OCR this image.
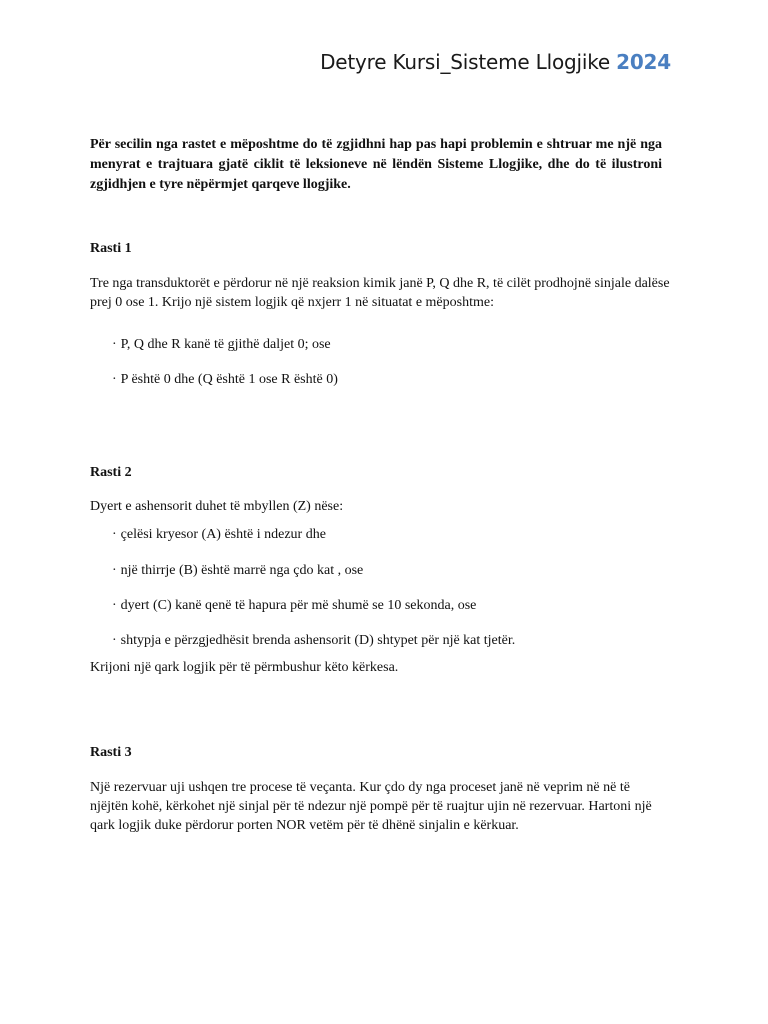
Detyre Kursi_Sisteme Llogjike 2024
Për secilin nga rastet e mëposhtme do të zgjidhni hap pas hapi problemin e shtruar me një nga menyrat e trajtuara gjatë ciklit të leksioneve në lëndën Sisteme Llogjike, dhe do të ilustroni zgjidhjen e tyre nëpërmjet qarqeve llogjike.
Rasti 1
Tre nga transduktorët e përdorur në një reaksion kimik janë P, Q dhe R, të cilët prodhojnë sinjale dalëse prej 0 ose 1. Krijo një sistem logjik që nxjerr 1 në situatat e mëposhtme:
· P, Q dhe R kanë të gjithë daljet 0; ose
· P është 0 dhe (Q është 1 ose R është 0)
Rasti 2
Dyert e ashensorit duhet të mbyllen (Z) nëse:
· çelësi kryesor (A) është i ndezur dhe
· një thirrje (B) është marrë nga çdo kat , ose
· dyert (C) kanë qenë të hapura për më shumë se 10 sekonda, ose
· shtypja e përzgjedhësit brenda ashensorit (D) shtypet për një kat tjetër.
Krijoni një qark logjik për të përmbushur këto kërkesa.
Rasti 3
Një rezervuar uji ushqen tre procese të veçanta. Kur çdo dy nga proceset janë në veprim në në të njëjtën kohë, kërkohet një sinjal për të ndezur një pompë për të ruajtur ujin në rezervuar. Hartoni një qark logjik duke përdorur porten NOR vetëm për të dhënë sinjalin e kërkuar.
